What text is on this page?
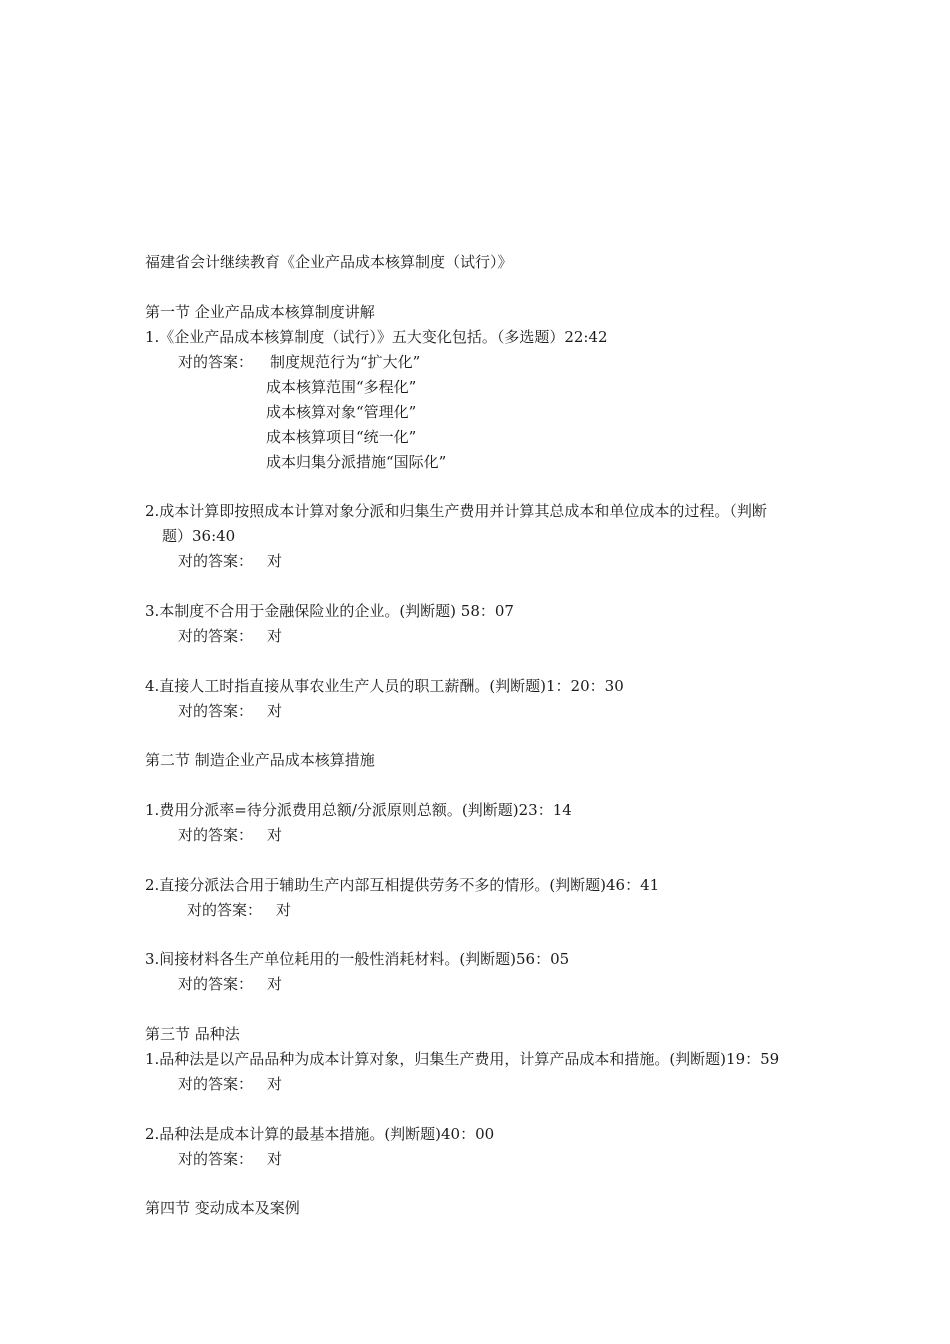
福建省会计继续教育《企业产品成本核算制度（试行）》
第一节 企业产品成本核算制度讲解
1.《企业产品成本核算制度（试行）》五大变化包括。（多选题）22:42
对的答案： 制度规范行为“扩大化”
成本核算范围“多程化”
成本核算对象“管理化”
成本核算项目“统一化”
成本归集分派措施“国际化”
2.成本计算即按照成本计算对象分派和归集生产费用并计算其总成本和单位成本的过程。（判断
题）36:40
对的答案： 对
3.本制度不合用于金融保险业的企业。(判断题) 58：07
对的答案： 对
4.直接人工时指直接从事农业生产人员的职工薪酬。(判断题)1：20：30
对的答案： 对
第二节 制造企业产品成本核算措施
1.费用分派率=待分派费用总额/分派原则总额。(判断题)23：14
对的答案： 对
2.直接分派法合用于辅助生产内部互相提供劳务不多的情形。(判断题)46：41
对的答案： 对
3.间接材料各生产单位耗用的一般性消耗材料。(判断题)56：05
对的答案： 对
第三节 品种法
1.品种法是以产品品种为成本计算对象，归集生产费用，计算产品成本和措施。(判断题)19：59
对的答案： 对
2.品种法是成本计算的最基本措施。(判断题)40：00
对的答案： 对
第四节 变动成本及案例
